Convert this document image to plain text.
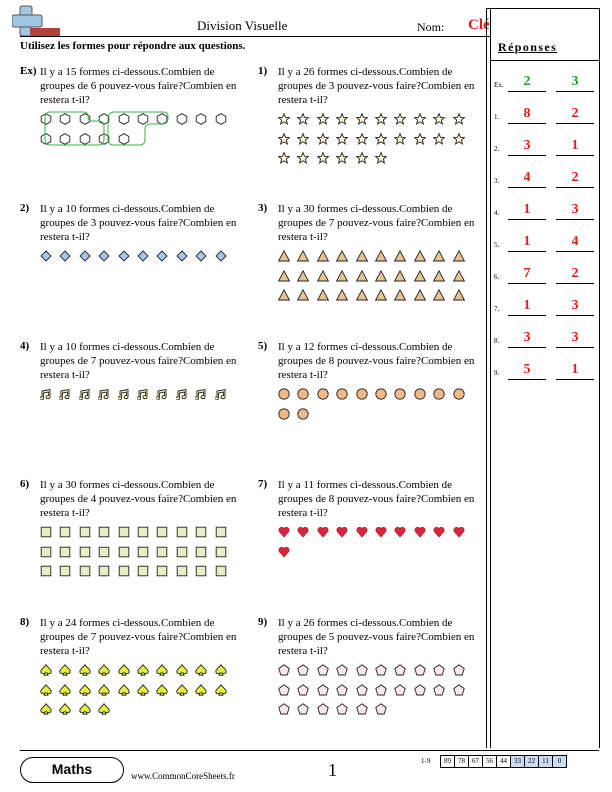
Division Visuelle	Nom: Clé
Utilisez les formes pour répondre aux questions.	Réponses
Ex.	2	3
1.	8	2
2.	3	1
3.	4	2
4.	1	3
5.	1	4
6.	7	2
7.	1	3
8.	3	3
9.	5	1
Ex) Il y a 15 formes ci-dessous.Combien de groupes de 6 pouvez-vous faire?Combien en restera t-il?
1) Il y a 26 formes ci-dessous.Combien de groupes de 3 pouvez-vous faire?Combien en restera t-il?
2) Il y a 10 formes ci-dessous.Combien de groupes de 3 pouvez-vous faire?Combien en restera t-il?
3) Il y a 30 formes ci-dessous.Combien de groupes de 7 pouvez-vous faire?Combien en restera t-il?
4) Il y a 10 formes ci-dessous.Combien de groupes de 7 pouvez-vous faire?Combien en restera t-il?
5) Il y a 12 formes ci-dessous.Combien de groupes de 8 pouvez-vous faire?Combien en restera t-il?
6) Il y a 30 formes ci-dessous.Combien de groupes de 4 pouvez-vous faire?Combien en restera t-il?
7) Il y a 11 formes ci-dessous.Combien de groupes de 8 pouvez-vous faire?Combien en restera t-il?
8) Il y a 24 formes ci-dessous.Combien de groupes de 7 pouvez-vous faire?Combien en restera t-il?
9) Il y a 26 formes ci-dessous.Combien de groupes de 5 pouvez-vous faire?Combien en restera t-il?
Maths	www.CommonCoreSheets.fr	1	1-9	89	78	67	56	44	33	22	11	0
